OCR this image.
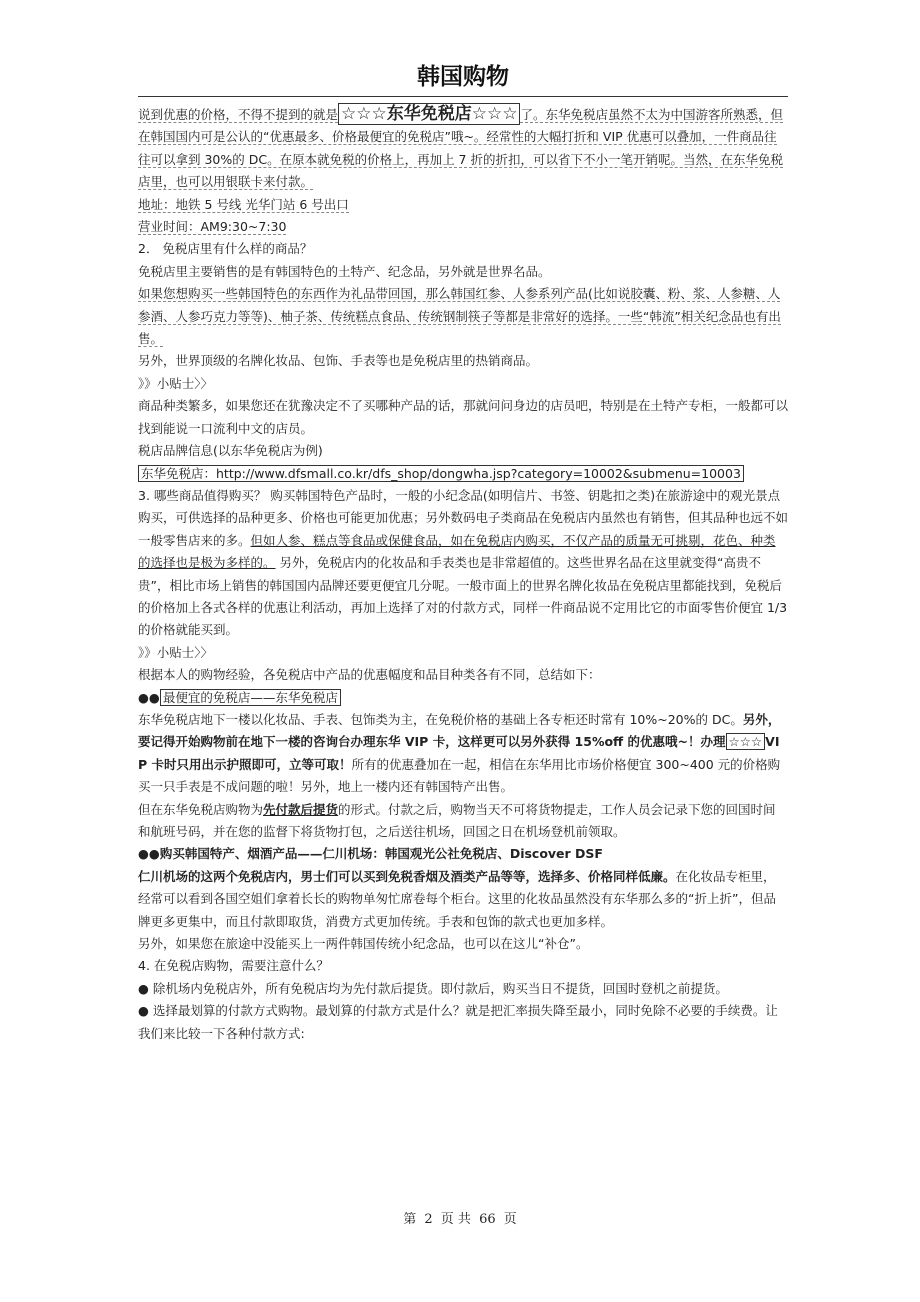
韩国购物

说到优惠的价格，不得不提到的就是 ☆☆☆东华免税店☆☆☆ 了。东华免税店虽然不太为中国游客所熟悉，但在韩国国内可是公认的“优惠最多、价格最便宜的免税店”哦~。经常性的大幅打折和 VIP 优惠可以叠加，一件商品往往可以拿到 30%的 DC。在原本就免税的价格上，再加上 7 折的折扣，可以省下不小一笔开销呢。当然，在东华免税店里，也可以用银联卡来付款。

地址：地铁 5 号线 光华门站 6 号出口

营业时间：AM9:30~7:30

2． 免税店里有什么样的商品？

免税店里主要销售的是有韩国特色的土特产、纪念品，另外就是世界名品。

如果您想购买一些韩国特色的东西作为礼品带回国，那么韩国红参、人参系列产品(比如说胶囊、粉、浆、人参糖、人参酒、人参巧克力等等)、柚子茶、传统糕点食品、传统钢制筷子等都是非常好的选择。一些“韩流”相关纪念品也有出售。

另外，世界顶级的名牌化妆品、包饰、手表等也是免税店里的热销商品。

》》小贴士〉〉

商品种类繁多，如果您还在犹豫决定不了买哪种产品的话，那就问问身边的店员吧，特别是在土特产专柜，一般都可以找到能说一口流利中文的店员。

税店品牌信息(以东华免税店为例)

东华免税店：http://www.dfsmall.co.kr/dfs_shop/dongwha.jsp?category=10002&submenu=10003

3. 哪些商品值得购买？ 购买韩国特色产品时，一般的小纪念品(如明信片、书签、钥匙扣之类)在旅游途中的观光景点购买，可供选择的品种更多、价格也可能更加优惠；另外数码电子类商品在免税店内虽然也有销售，但其品种也远不如一般零售店来的多。但如人参、糕点等食品或保健食品，如在免税店内购买，不仅产品的质量无可挑剔，花色、种类的选择也是极为多样的。 另外，免税店内的化妆品和手表类也是非常超值的。这些世界名品在这里就变得“高贵不贵”，相比市场上销售的韩国国内品牌还要更便宜几分呢。一般市面上的世界名牌化妆品在免税店里都能找到，免税后的价格加上各式各样的优惠让利活动，再加上选择了对的付款方式，同样一件商品说不定用比它的市面零售价便宜 1/3 的价格就能买到。

》》小贴士〉〉

根据本人的购物经验，各免税店中产品的优惠幅度和品目种类各有不同，总结如下：

●● 最便宜的免税店——东华免税店

东华免税店地下一楼以化妆品、手表、包饰类为主，在免税价格的基础上各专柜还时常有 10%~20%的 DC。另外，要记得开始购物前在地下一楼的咨询台办理东华 VIP 卡，这样更可以另外获得 15%off 的优惠哦~！办理 ☆☆☆ VIP 卡时只用出示护照即可，立等可取！所有的优惠叠加在一起，相信在东华用比市场价格便宜 300~400 元的价格购买一只手表是不成问题的啦！另外，地上一楼内还有韩国特产出售。

但在东华免税店购物为先付款后提货的形式。付款之后，购物当天不可将货物提走，工作人员会记录下您的回国时间和航班号码，并在您的监督下将货物打包，之后送往机场，回国之日在机场登机前领取。

●●购买韩国特产、烟酒产品——仁川机场：韩国观光公社免税店、Discover DSF

仁川机场的这两个免税店内，男士们可以买到免税香烟及酒类产品等等，选择多、价格同样低廉。在化妆品专柜里，经常可以看到各国空姐们拿着长长的购物单匆忙席卷每个柜台。这里的化妆品虽然没有东华那么多的“折上折”，但品牌更多更集中，而且付款即取货，消费方式更加传统。手表和包饰的款式也更加多样。

另外，如果您在旅途中没能买上一两件韩国传统小纪念品，也可以在这儿“补仓”。

4. 在免税店购物，需要注意什么？

● 除机场内免税店外，所有免税店均为先付款后提货。即付款后，购买当日不提货，回国时登机之前提货。

● 选择最划算的付款方式购物。最划算的付款方式是什么？就是把汇率损失降至最小，同时免除不必要的手续费。让我们来比较一下各种付款方式:

第 2 页 共 66 页
